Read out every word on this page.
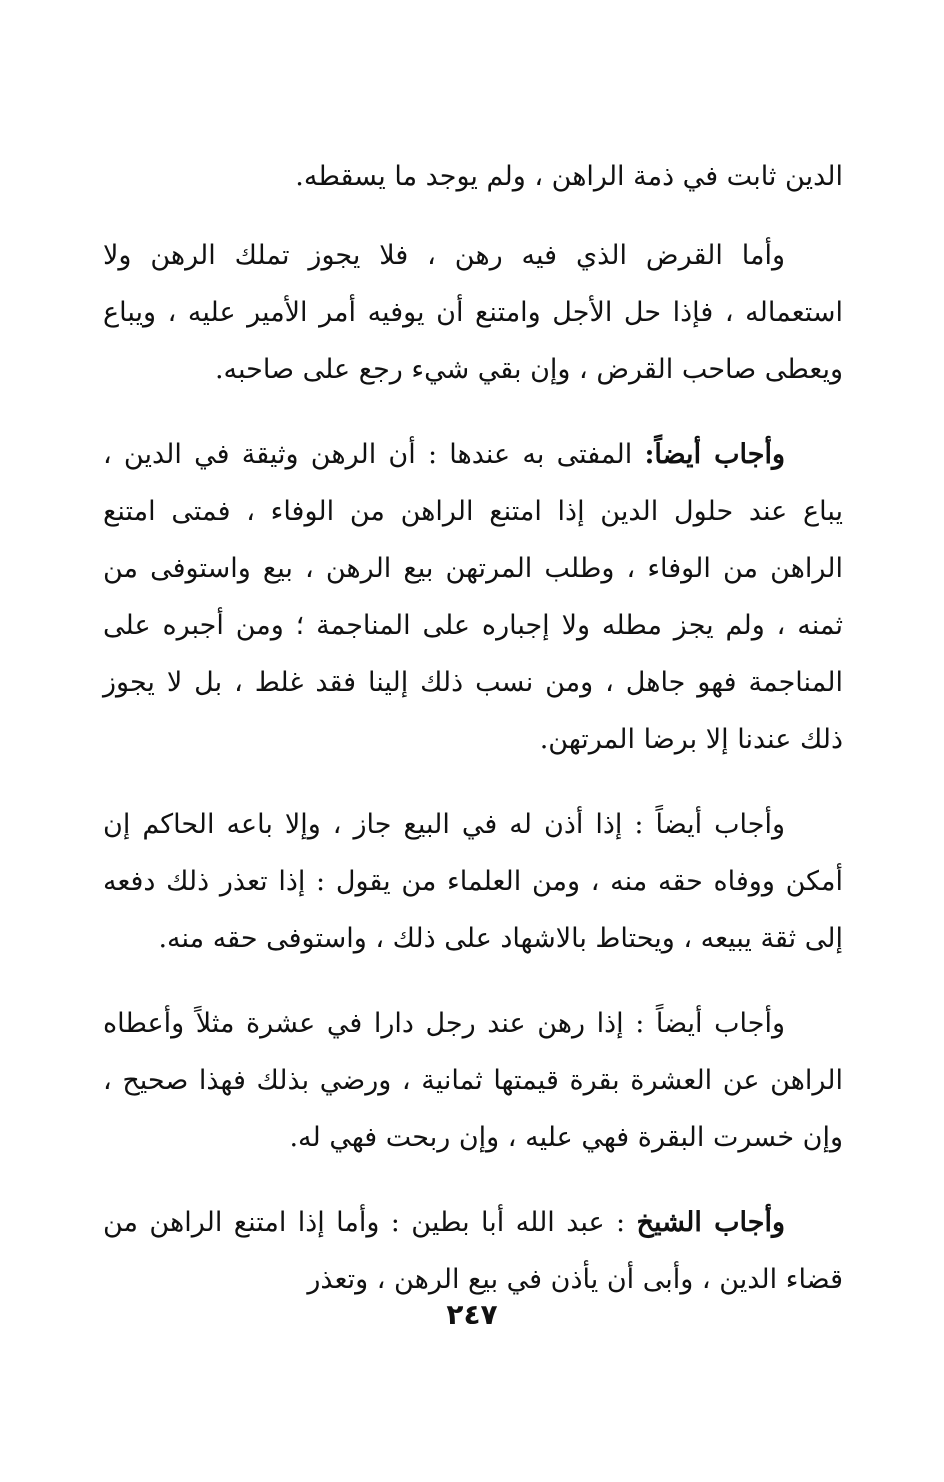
الدين ثابت في ذمة الراهن ، ولم يوجد ما يسقطه.

وأما القرض الذي فيه رهن ، فلا يجوز تملك الرهن ولا استعماله ، فإذا حل الأجل وامتنع أن يوفيه أمر الأمير عليه ، ويباع ويعطى صاحب القرض ، وإن بقي شيء رجع على صاحبه.

وأجاب أيضاً: المفتى به عندها : أن الرهن وثيقة في الدين ، يباع عند حلول الدين إذا امتنع الراهن من الوفاء ، فمتى امتنع الراهن من الوفاء ، وطلب المرتهن بيع الرهن ، بيع واستوفى من ثمنه ، ولم يجز مطله ولا إجباره على المناجمة ؛ ومن أجبره على المناجمة فهو جاهل ، ومن نسب ذلك إلينا فقد غلط ، بل لا يجوز ذلك عندنا إلا برضا المرتهن.

وأجاب أيضاً : إذا أذن له في البيع جاز ، وإلا باعه الحاكم إن أمكن ووفاه حقه منه ، ومن العلماء من يقول : إذا تعذر ذلك دفعه إلى ثقة يبيعه ، ويحتاط بالاشهاد على ذلك ، واستوفى حقه منه.

وأجاب أيضاً : إذا رهن عند رجل دارا في عشرة مثلاً وأعطاه الراهن عن العشرة بقرة قيمتها ثمانية ، ورضي بذلك فهذا صحيح ، وإن خسرت البقرة فهي عليه ، وإن ربحت فهي له.

وأجاب الشيخ : عبد الله أبا بطين : وأما إذا امتنع الراهن من قضاء الدين ، وأبى أن يأذن في بيع الرهن ، وتعذر

٢٤٧
